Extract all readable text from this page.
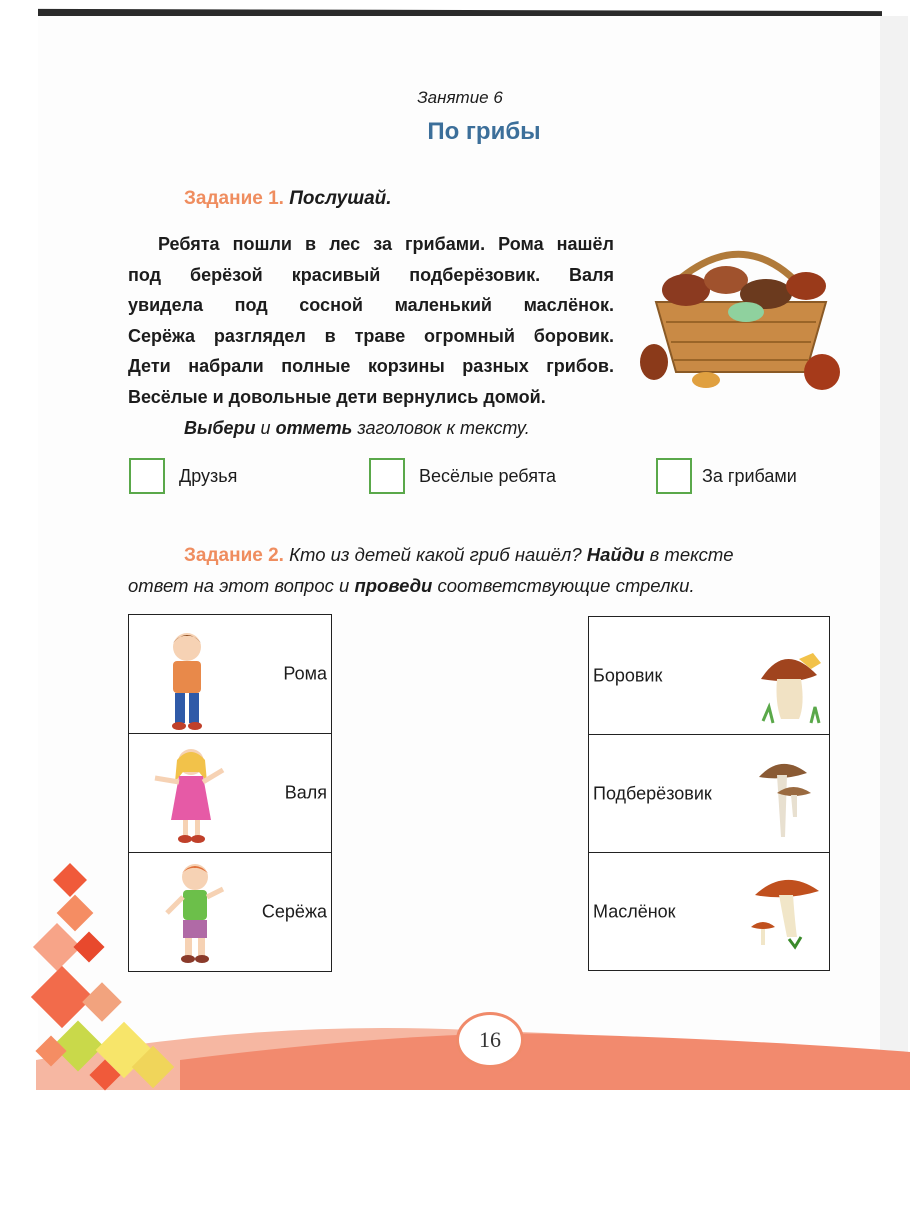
Занятие 6
По грибы
Задание 1. Послушай.
Ребята пошли в лес за грибами. Рома нашёл
под берёзой красивый подберёзовик. Валя
увидела под сосной маленький маслёнок.
Серёжа разглядел в траве огромный боровик.
Дети набрали полные корзины разных грибов.
Весёлые и довольные дети вернулись домой.
Выбери и отметь заголовок к тексту.
Друзья	Весёлые ребята	За грибами
Задание 2. Кто из детей какой гриб нашёл? Найди в тексте
ответ на этот вопрос и проведи соответствующие стрелки.
Рома

Валя

Серёжа
Боровик

Подберёзовик

Маслёнок
16
